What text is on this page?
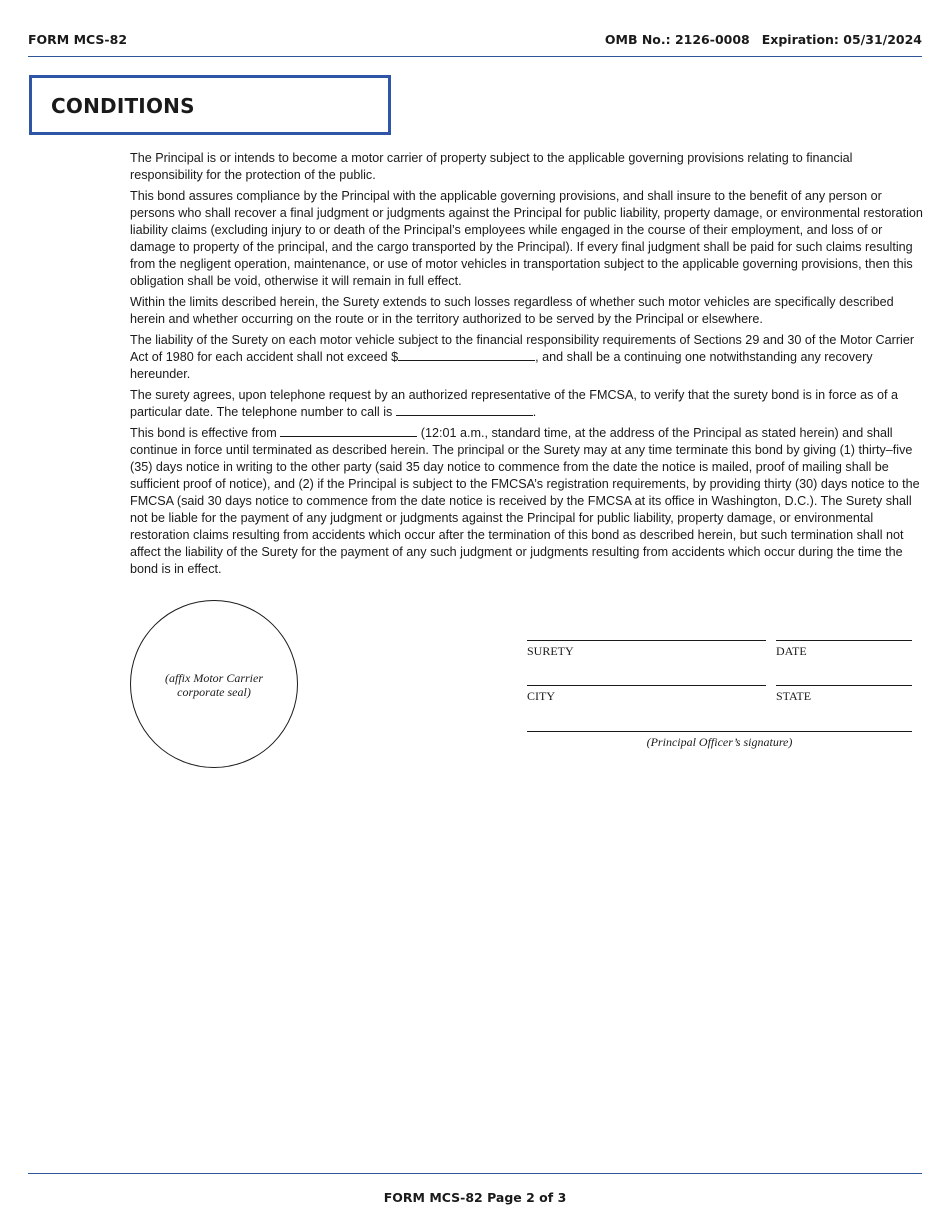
FORM MCS-82	OMB No.: 2126-0008 Expiration: 05/31/2024
CONDITIONS

The Principal is or intends to become a motor carrier of property subject to the applicable governing provisions relating to financial responsibility for the protection of the public.

This bond assures compliance by the Principal with the applicable governing provisions, and shall insure to the benefit of any person or persons who shall recover a final judgment or judgments against the Principal for public liability, property damage, or environmental restoration liability claims (excluding injury to or death of the Principal’s employees while engaged in the course of their employment, and loss of or damage to property of the principal, and the cargo transported by the Principal). If every final judgment shall be paid for such claims resulting from the negligent operation, maintenance, or use of motor vehicles in transportation subject to the applicable governing provisions, then this obligation shall be void, otherwise it will remain in full effect.

Within the limits described herein, the Surety extends to such losses regardless of whether such motor vehicles are specifically described herein and whether occurring on the route or in the territory authorized to be served by the Principal or elsewhere.

The liability of the Surety on each motor vehicle subject to the financial responsibility requirements of Sections 29 and 30 of the Motor Carrier Act of 1980 for each accident shall not exceed $	, and shall be a continuing one notwithstanding any recovery hereunder.

The surety agrees, upon telephone request by an authorized representative of the FMCSA, to verify that the surety bond is in force as of a particular date. The telephone number to call is	.

This bond is effective from	(12:01 a.m., standard time, at the address of the Principal as stated herein) and shall continue in force until terminated as described herein. The principal or the Surety may at any time terminate this bond by giving (1) thirty–five (35) days notice in writing to the other party (said 35 day notice to commence from the date the notice is mailed, proof of mailing shall be sufficient proof of notice), and (2) if the Principal is subject to the FMCSA’s registration requirements, by providing thirty (30) days notice to the FMCSA (said 30 days notice to commence from the date notice is received by the FMCSA at its office in Washington, D.C.). The Surety shall not be liable for the payment of any judgment or judgments against the Principal for public liability, property damage, or environmental restoration claims resulting from accidents which occur after the termination of this bond as described herein, but such termination shall not affect the liability of the Surety for the payment of any such judgment or judgments resulting from accidents which occur during the time the bond is in effect.

(affix Motor Carrier
corporate seal)
SURETY	DATE
CITY	STATE
(Principal Officer’s signature)
FORM MCS-82 Page 2 of 3
